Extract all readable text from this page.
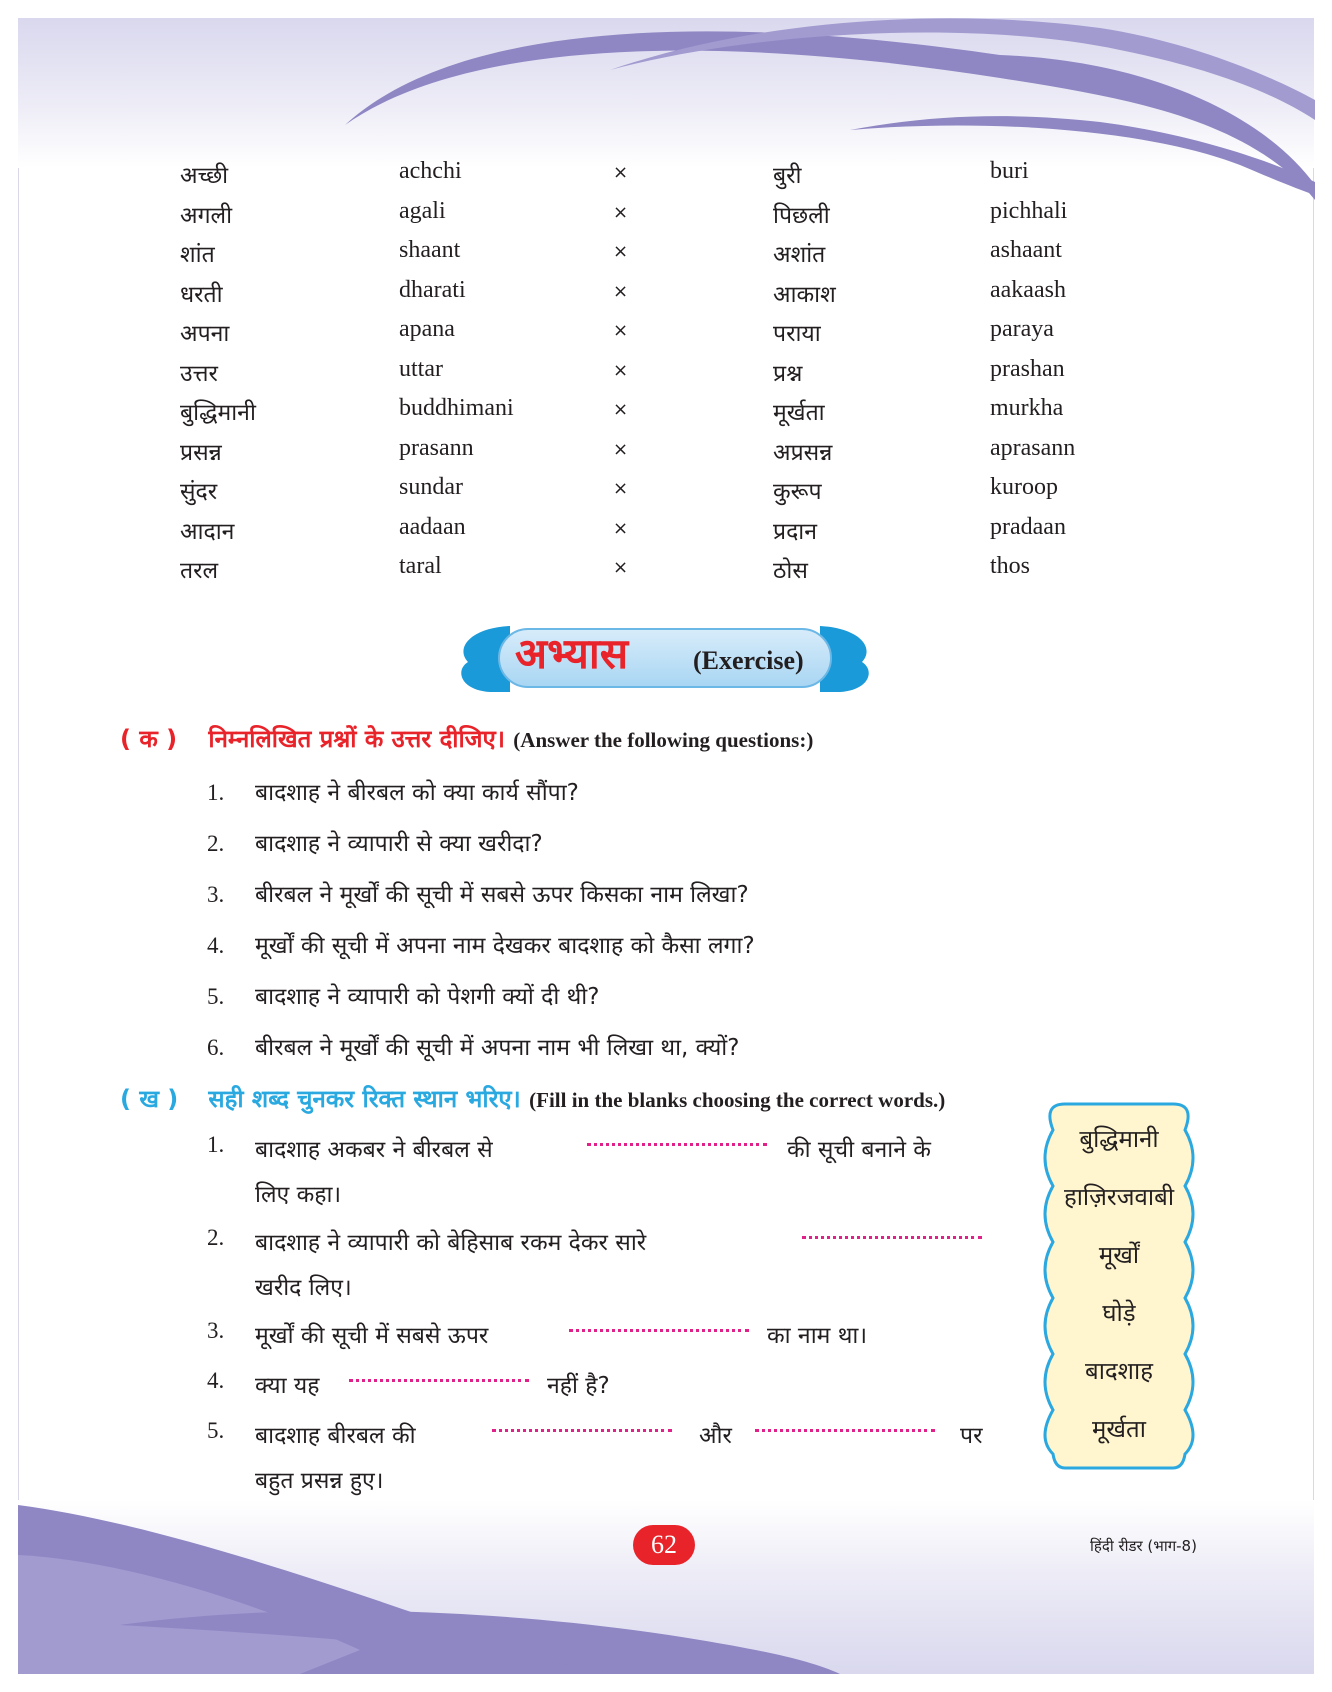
अच्छी	achchi	×	बुरी	buri
अगली	agali	×	पिछली	pichhali
शांत	shaant	×	अशांत	ashaant
धरती	dharati	×	आकाश	aakaash
अपना	apana	×	पराया	paraya
उत्तर	uttar	×	प्रश्न	prashan
बुद्धिमानी	buddhimani	×	मूर्खता	murkha
प्रसन्न	prasann	×	अप्रसन्न	aprasann
सुंदर	sundar	×	कुरूप	kuroop
आदान	aadaan	×	प्रदान	pradaan
तरल	taral	×	ठोस	thos
अभ्यास (Exercise)
( क ) निम्नलिखित प्रश्नों के उत्तर दीजिए। (Answer the following questions:)
1. बादशाह ने बीरबल को क्या कार्य सौंपा?
2. बादशाह ने व्यापारी से क्या खरीदा?
3. बीरबल ने मूर्खों की सूची में सबसे ऊपर किसका नाम लिखा?
4. मूर्खों की सूची में अपना नाम देखकर बादशाह को कैसा लगा?
5. बादशाह ने व्यापारी को पेशगी क्यों दी थी?
6. बीरबल ने मूर्खों की सूची में अपना नाम भी लिखा था, क्यों?
( ख ) सही शब्द चुनकर रिक्त स्थान भरिए। (Fill in the blanks choosing the correct words.)
1. बादशाह अकबर ने बीरबल से	की सूची बनाने के
लिए कहा।
2. बादशाह ने व्यापारी को बेहिसाब रकम देकर सारे
खरीद लिए।
3. मूर्खों की सूची में सबसे ऊपर	का नाम था।
4. क्या यह	नहीं है?
5. बादशाह बीरबल की	और	पर
बहुत प्रसन्न हुए।
बुद्धिमानी
हाज़िरजवाबी
मूर्खों
घोड़े
बादशाह
मूर्खता
62	हिंदी रीडर (भाग-8)
